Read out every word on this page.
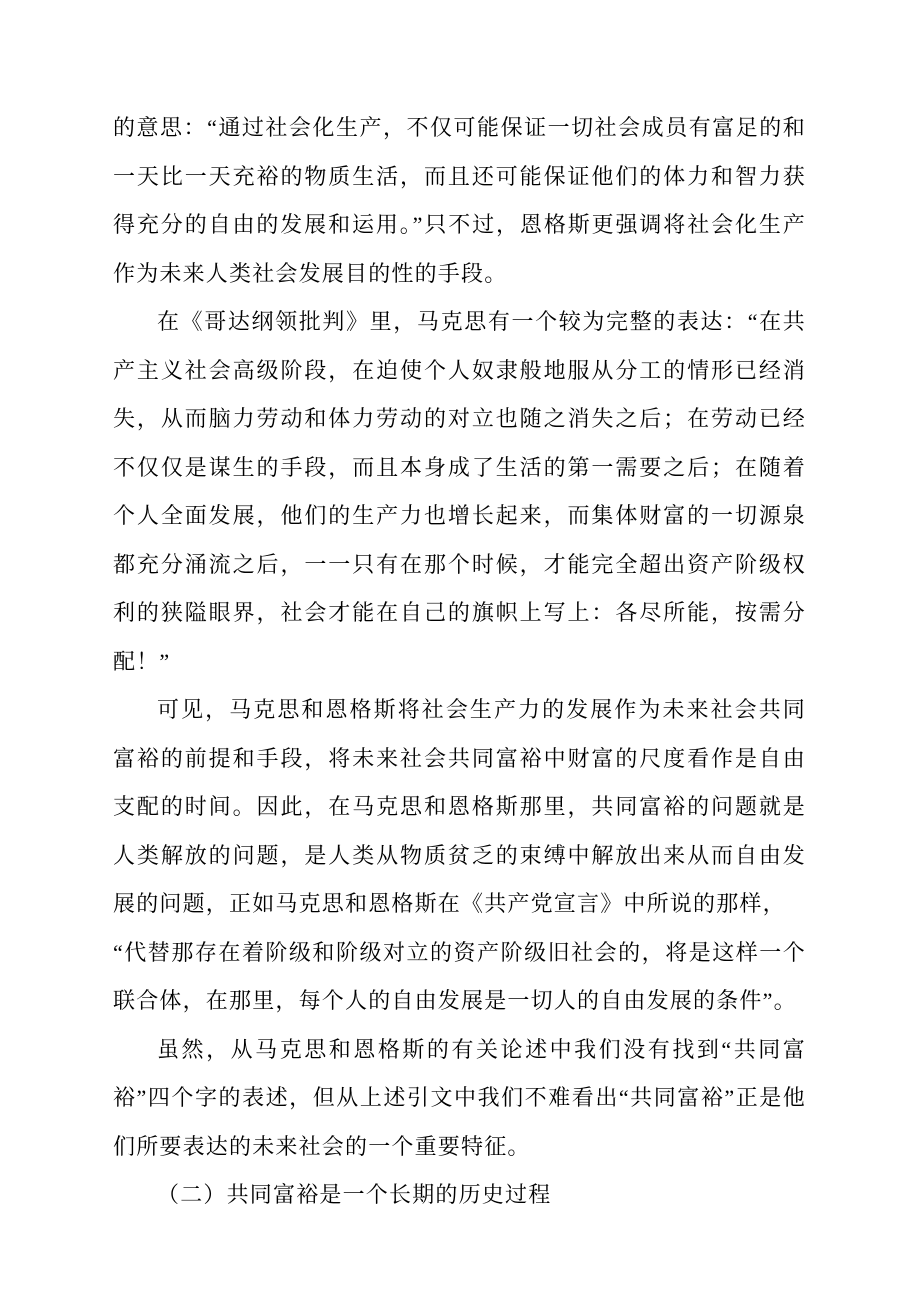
的意思：“通过社会化生产，不仅可能保证一切社会成员有富足的和一天比一天充裕的物质生活，而且还可能保证他们的体力和智力获得充分的自由的发展和运用。”只不过，恩格斯更强调将社会化生产作为未来人类社会发展目的性的手段。

在《哥达纲领批判》里，马克思有一个较为完整的表达：“在共产主义社会高级阶段，在迫使个人奴隶般地服从分工的情形已经消失，从而脑力劳动和体力劳动的对立也随之消失之后；在劳动已经不仅仅是谋生的手段，而且本身成了生活的第一需要之后；在随着个人全面发展，他们的生产力也增长起来，而集体财富的一切源泉都充分涌流之后，一一只有在那个时候，才能完全超出资产阶级权利的狭隘眼界，社会才能在自己的旗帜上写上：各尽所能，按需分配！”

可见，马克思和恩格斯将社会生产力的发展作为未来社会共同富裕的前提和手段，将未来社会共同富裕中财富的尺度看作是自由支配的时间。因此，在马克思和恩格斯那里，共同富裕的问题就是人类解放的问题，是人类从物质贫乏的束缚中解放出来从而自由发展的问题，正如马克思和恩格斯在《共产党宣言》中所说的那样，

“代替那存在着阶级和阶级对立的资产阶级旧社会的，将是这样一个联合体，在那里，每个人的自由发展是一切人的自由发展的条件”。

虽然，从马克思和恩格斯的有关论述中我们没有找到“共同富裕”四个字的表述，但从上述引文中我们不难看出“共同富裕”正是他们所要表达的未来社会的一个重要特征。

（二）共同富裕是一个长期的历史过程
